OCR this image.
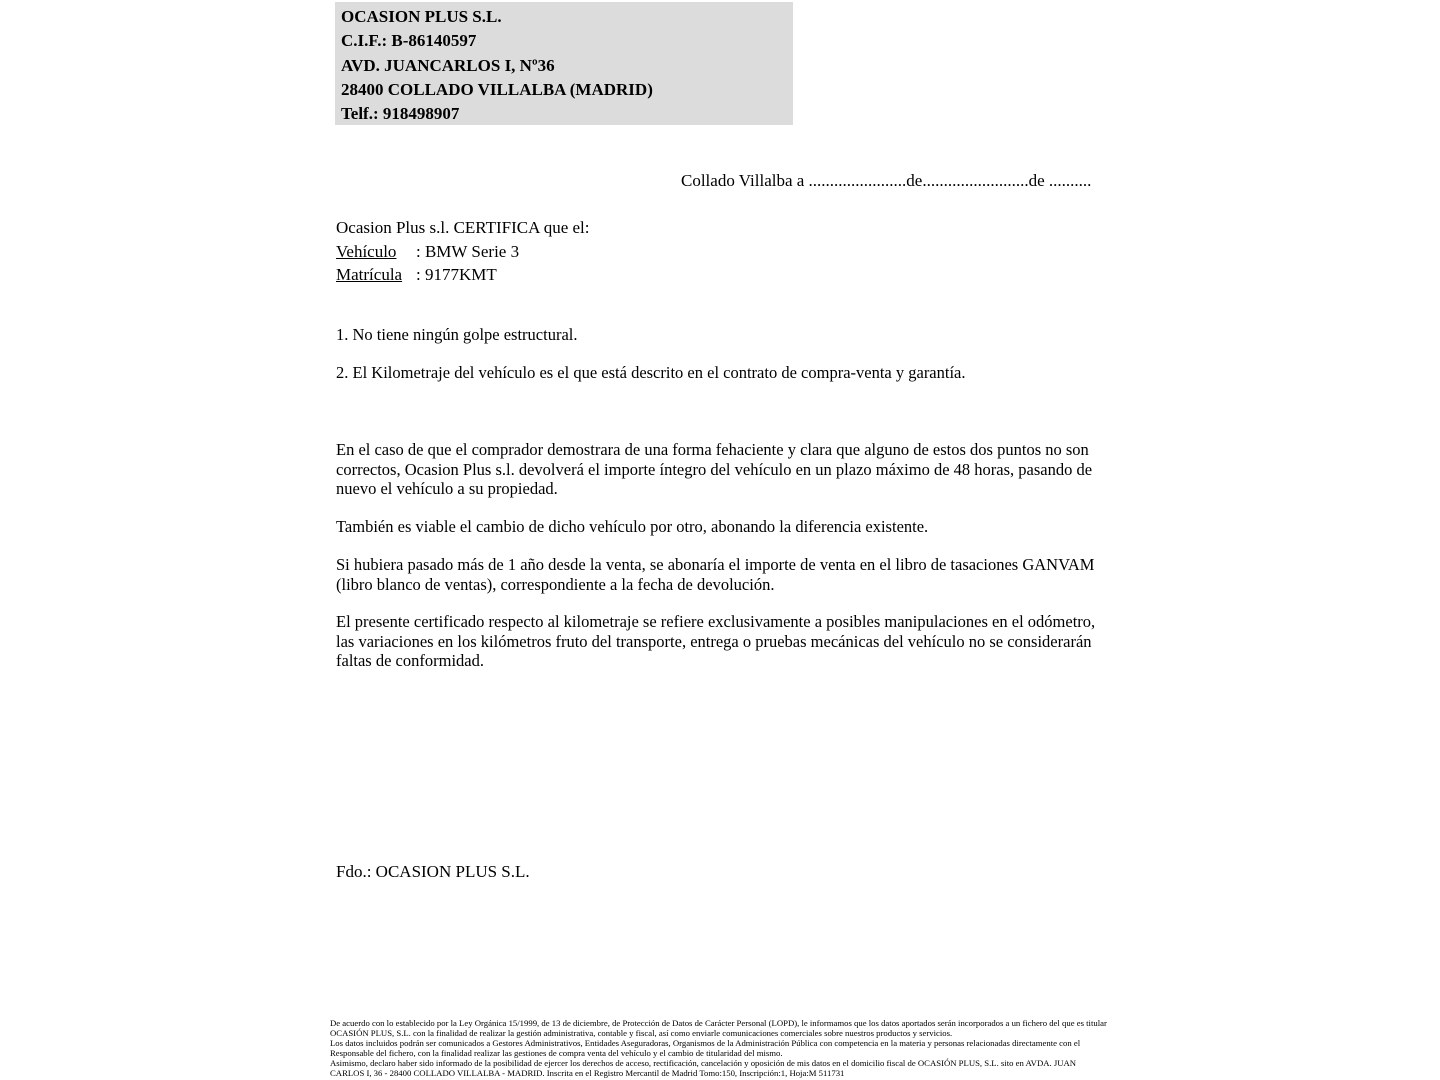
OCASION PLUS S.L.
C.I.F.: B-86140597
AVD. JUANCARLOS I, Nº36
28400 COLLADO VILLALBA (MADRID)
Telf.: 918498907
Collado Villalba a .......................de.........................de ..........
Ocasion Plus s.l. CERTIFICA que el:
Vehículo : BMW Serie 3
Matrícula : 9177KMT
1. No tiene ningún golpe estructural.
2. El Kilometraje del vehículo es el que está descrito en el contrato de compra-venta y garantía.

En el caso de que el comprador demostrara de una forma fehaciente y clara que alguno de estos dos puntos no son correctos, Ocasion Plus s.l. devolverá el importe íntegro del vehículo en un plazo máximo de 48 horas, pasando de nuevo el vehículo a su propiedad.

También es viable el cambio de dicho vehículo por otro, abonando la diferencia existente.

Si hubiera pasado más de 1 año desde la venta, se abonaría el importe de venta en el libro de tasaciones GANVAM (libro blanco de ventas), correspondiente a la fecha de devolución.

El presente certificado respecto al kilometraje se refiere exclusivamente a posibles manipulaciones en el odómetro, las variaciones en los kilómetros fruto del transporte, entrega o pruebas mecánicas del vehículo no se considerarán faltas de conformidad.

Fdo.: OCASION PLUS S.L.
De acuerdo con lo establecido por la Ley Orgánica 15/1999, de 13 de diciembre, de Protección de Datos de Carácter Personal (LOPD), le informamos que los datos aportados serán incorporados a un fichero del que es titular
OCASIÓN PLUS, S.L. con la finalidad de realizar la gestión administrativa, contable y fiscal, así como enviarle comunicaciones comerciales sobre nuestros productos y servicios.
Los datos incluidos podrán ser comunicados a Gestores Administrativos, Entidades Aseguradoras, Organismos de la Administración Pública con competencia en la materia y personas relacionadas directamente con el
Responsable del fichero, con la finalidad realizar las gestiones de compra venta del vehículo y el cambio de titularidad del mismo.
Asimismo, declaro haber sido informado de la posibilidad de ejercer los derechos de acceso, rectificación, cancelación y oposición de mis datos en el domicilio fiscal de OCASIÓN PLUS, S.L. sito en AVDA. JUAN
CARLOS I, 36 - 28400 COLLADO VILLALBA - MADRID. Inscrita en el Registro Mercantil de Madrid Tomo:150, Inscripción:1, Hoja:M 511731
